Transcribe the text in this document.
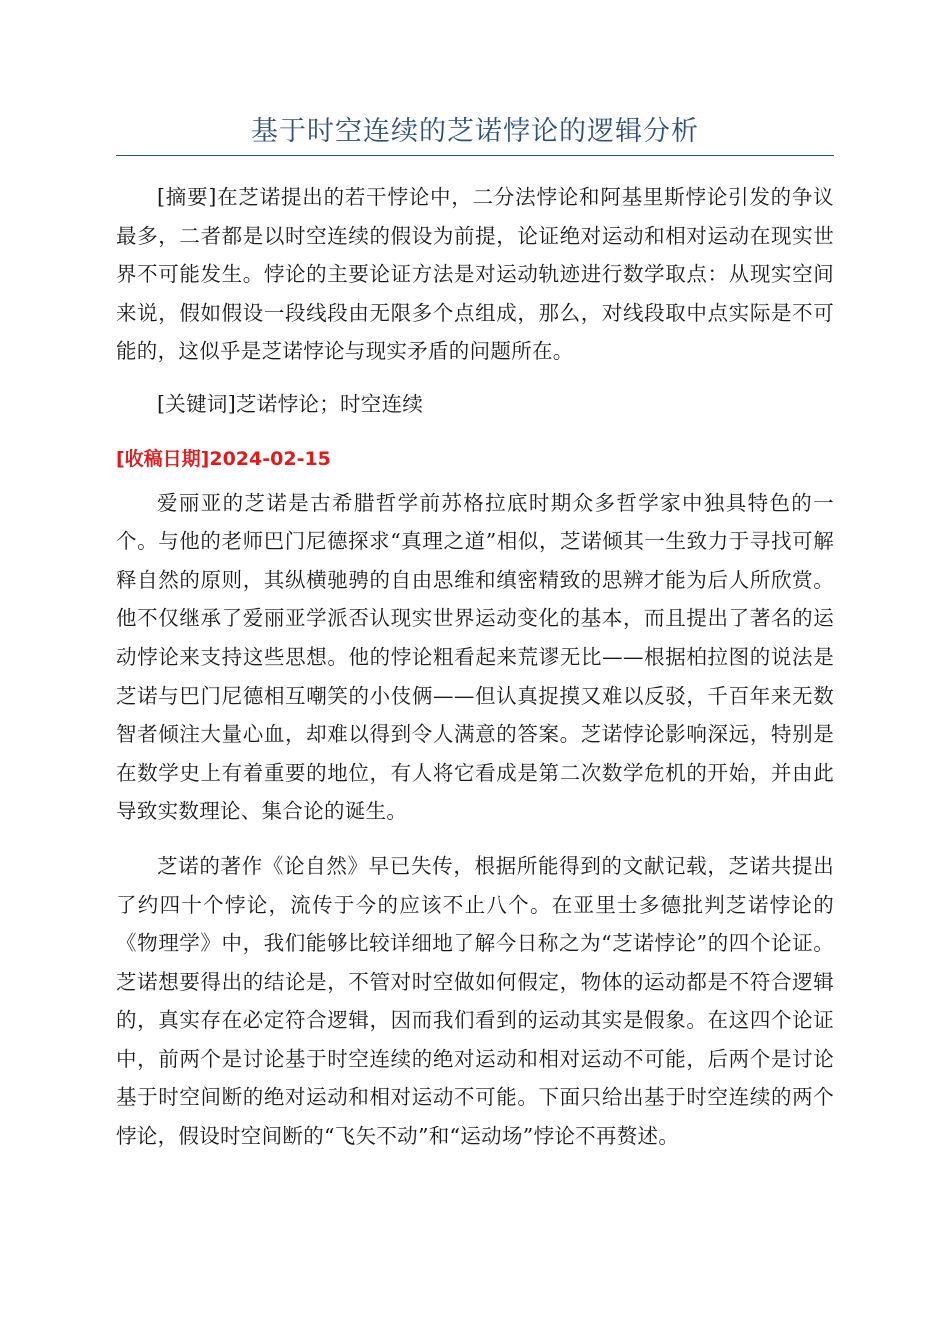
基于时空连续的芝诺悖论的逻辑分析

[摘要]在芝诺提出的若干悖论中，二分法悖论和阿基里斯悖论引发的争议最多，二者都是以时空连续的假设为前提，论证绝对运动和相对运动在现实世界不可能发生。悖论的主要论证方法是对运动轨迹进行数学取点：从现实空间来说，假如假设一段线段由无限多个点组成，那么，对线段取中点实际是不可能的，这似乎是芝诺悖论与现实矛盾的问题所在。

[关键词]芝诺悖论；时空连续

[收稿日期]2024-02-15

爱丽亚的芝诺是古希腊哲学前苏格拉底时期众多哲学家中独具特色的一个。与他的老师巴门尼德探求“真理之道”相似，芝诺倾其一生致力于寻找可解释自然的原则，其纵横驰骋的自由思维和缜密精致的思辨才能为后人所欣赏。他不仅继承了爱丽亚学派否认现实世界运动变化的基本，而且提出了著名的运动悖论来支持这些思想。他的悖论粗看起来荒谬无比——根据柏拉图的说法是芝诺与巴门尼德相互嘲笑的小伎俩——但认真捉摸又难以反驳，千百年来无数智者倾注大量心血，却难以得到令人满意的答案。芝诺悖论影响深远，特别是在数学史上有着重要的地位，有人将它看成是第二次数学危机的开始，并由此导致实数理论、集合论的诞生。

芝诺的著作《论自然》早已失传，根据所能得到的文献记载，芝诺共提出了约四十个悖论，流传于今的应该不止八个。在亚里士多德批判芝诺悖论的《物理学》中，我们能够比较详细地了解今日称之为“芝诺悖论”的四个论证。芝诺想要得出的结论是，不管对时空做如何假定，物体的运动都是不符合逻辑的，真实存在必定符合逻辑，因而我们看到的运动其实是假象。在这四个论证中，前两个是讨论基于时空连续的绝对运动和相对运动不可能，后两个是讨论基于时空间断的绝对运动和相对运动不可能。下面只给出基于时空连续的两个悖论，假设时空间断的“飞矢不动”和“运动场”悖论不再赘述。
